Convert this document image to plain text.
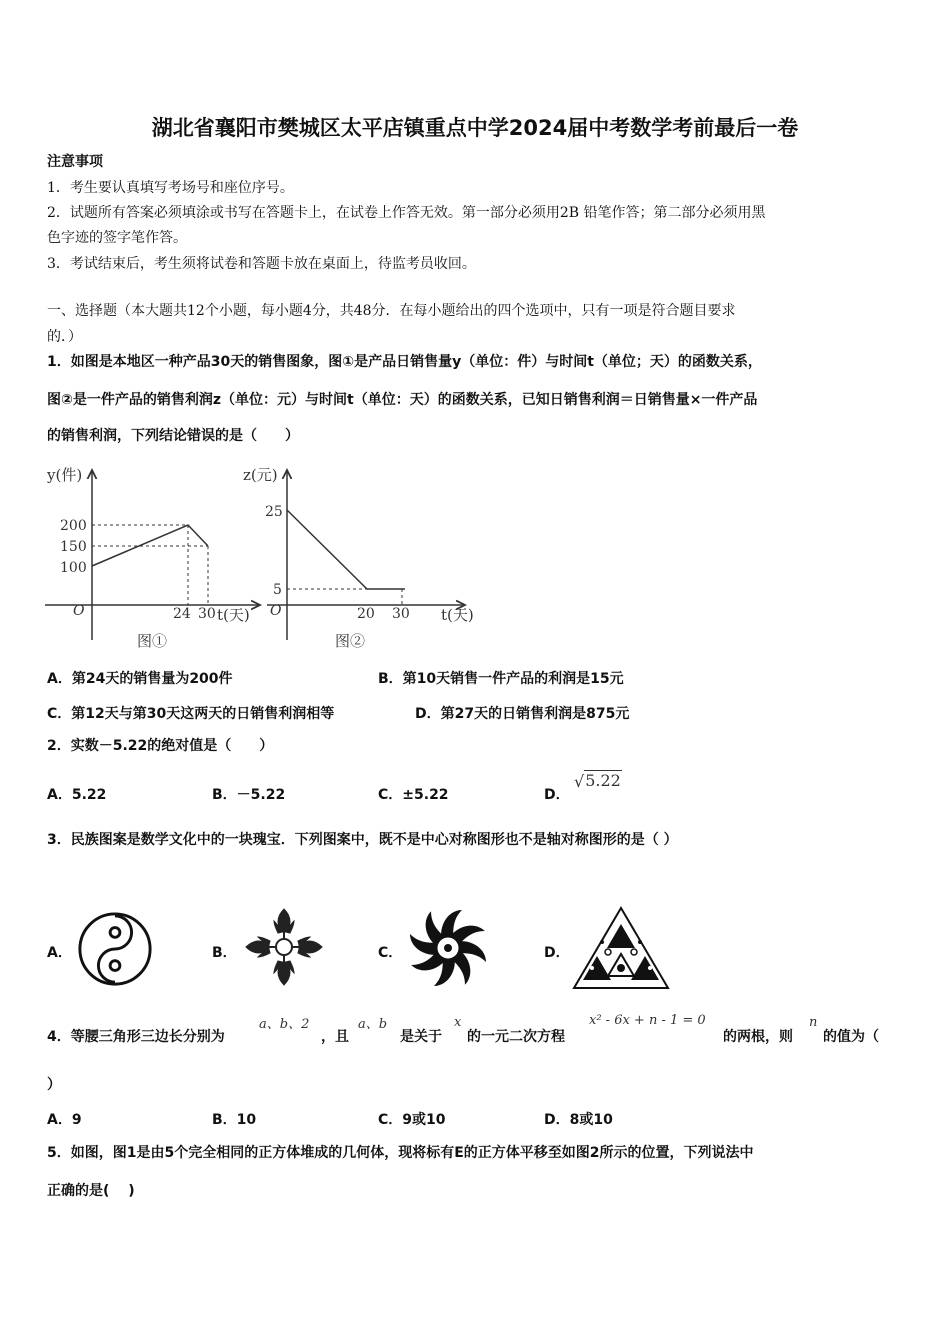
湖北省襄阳市樊城区太平店镇重点中学2024届中考数学考前最后一卷
注意事项
1．考生要认真填写考场号和座位序号。
2．试题所有答案必须填涂或书写在答题卡上，在试卷上作答无效。第一部分必须用2B 铅笔作答；第二部分必须用黑
色字迹的签字笔作答。
3．考试结束后，考生须将试卷和答题卡放在桌面上，待监考员收回。
一、选择题（本大题共12个小题，每小题4分，共48分．在每小题给出的四个选项中，只有一项是符合题目要求
的．）
1．如图是本地区一种产品30天的销售图象，图①是产品日销售量y（单位：件）与时间t（单位；天）的函数关系，
图②是一件产品的销售利润z（单位：元）与时间t（单位：天）的函数关系，已知日销售利润＝日销售量×一件产品
的销售利润，下列结论错误的是（　　）
y(件)
O
200
150
100
24 30 t(天)
图①
z(元)
O
25
5
20 30 t(天)
图②
A．第24天的销售量为200件	B．第10天销售一件产品的利润是15元
C．第12天与第30天这两天的日销售利润相等	D．第27天的日销售利润是875元
2．实数－5.22的绝对值是（　　）
A．5.22	B．－5.22	C．±5.22	D．
√5.22
3．民族图案是数学文化中的一块瑰宝．下列图案中，既不是中心对称图形也不是轴对称图形的是（ ）
A．	B．	C．	D．
4．等腰三角形三边长分别为
a、b、2
，且
a、b
是关于
x
的一元二次方程
x² - 6x + n - 1 = 0
的两根，则
n
的值为（
）
A．9	B．10	C．9或10	D．8或10
5．如图，图1是由5个完全相同的正方体堆成的几何体，现将标有E的正方体平移至如图2所示的位置，下列说法中
正确的是(　 )
